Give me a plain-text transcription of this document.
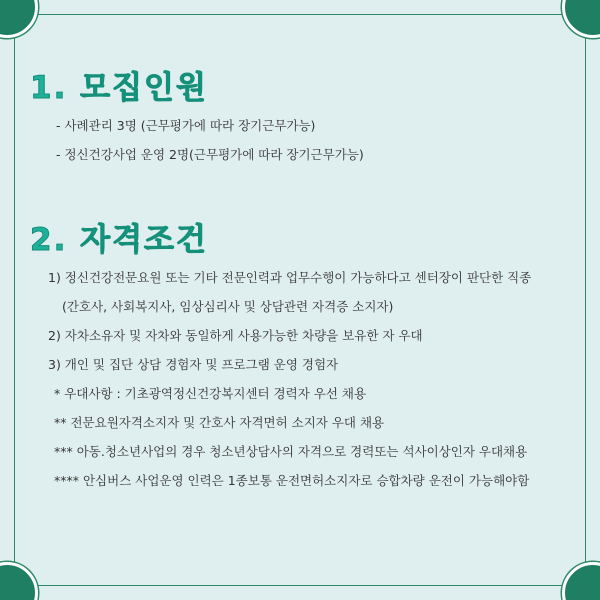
1. 모집인원
- 사례관리 3명 (근무평가에 따라 장기근무가능)
- 정신건강사업 운영 2명(근무평가에 따라 장기근무가능)
2. 자격조건
1) 정신건강전문요원 또는 기타 전문인력과 업무수행이 가능하다고 센터장이 판단한 직종
(간호사, 사회복지사, 임상심리사 및 상담관련 자격증 소지자)
2) 자차소유자 및 자차와 동일하게 사용가능한 차량을 보유한 자 우대
3) 개인 및 집단 상담 경험자 및 프로그램 운영 경험자
* 우대사항 : 기초광역정신건강복지센터 경력자 우선 채용
** 전문요원자격소지자 및 간호사 자격면허 소지자 우대 채용
*** 아동.청소년사업의 경우 청소년상담사의 자격으로 경력또는 석사이상인자 우대채용
**** 안심버스 사업운영 인력은 1종보통 운전면허소지자로 승합차량 운전이 가능해야함
